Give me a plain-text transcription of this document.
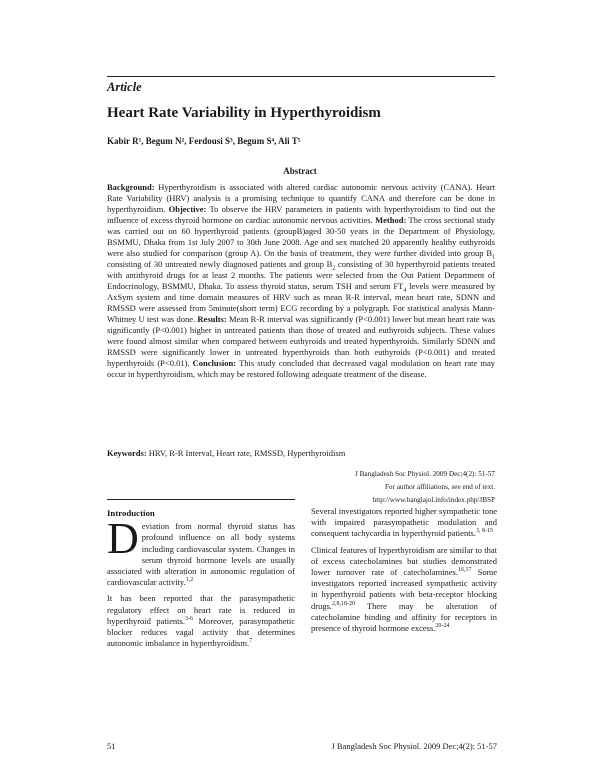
Article
Heart Rate Variability in Hyperthyroidism
Kabir R¹, Begum N², Ferdousi S³, Begum S⁴, Ali T⁵
Abstract
Background: Hyperthyroidism is associated with altered cardiac autonomic nervous activity (CANA). Heart Rate Variability (HRV) analysis is a promising technique to quantify CANA and therefore can be done in hyperthyroidism. Objective: To observe the HRV parameters in patients with hyperthyroidism to find out the influence of excess thyroid hormone on cardiac autonomic nervous activities. Method: The cross sectional study was carried out on 60 hyperthyroid patients (groupB)aged 30-50 years in the Department of Physiology, BSMMU, Dhaka from 1st July 2007 to 30th June 2008. Age and sex matched 20 apparently healthy euthyroids were also studied for comparison (group A). On the basis of treatment, they were further divided into group $B_1$ consisting of 30 untreated newly diagnosed patients and group $B_2$ consisting of 30 hyperthyroid patients treated with antithyroid drugs for at least 2 months. The patients were selected from the Out Patient Department of Endocrinology, BSMMU, Dhaka. To assess thyroid status, serum TSH and serum $FT_4$ levels were measured by AxSym system and time domain measures of HRV such as mean R-R interval, mean heart rate, SDNN and RMSSD were assessed from 5minute(short term) ECG recording by a polygraph. For statistical analysis Mann-Whitney U test was done. Results: Mean R-R interval was significantly (P<0.001) lower but mean heart rate was significantly (P<0.001) higher in untreated patients than those of treated and euthyroids subjects. These values were found almost similar when compared between euthyroids and treated hyperthyroids. Similarly SDNN and RMSSD were significantly lower in untreated hyperthyroids than both euthyroids (P<0.001) and treated hyperthyroids (P<0.01). Conclusion: This study concluded that decreased vagal modulation on heart rate may occur in hyperthyroidism, which may be restored following adequate treatment of the disease.
Keywords: HRV, R-R Interval, Heart rate, RMSSD, Hyperthyroidism
J Bangladesh Soc Physiol. 2009 Dec;4(2): 51-57
For author affiliations, see end of text.
http://www.banglajol.info/index.php/JBSP
Introduction

Deviation from normal thyroid status has profound influence on all body systems including cardiovascular system. Changes in serum thyroid hormone levels are usually associated with alteration in autonomic regulation of cardiovascular activity.$^{1,2}$

It has been reported that the parasympathetic regulatory effect on heart rate is reduced in hyperthyroid patients.$^{3-6}$ Moreover, parasympathetic blocker reduces vagal activity that determines autonomic imbalance in hyperthyroidism.$^7$

Several investigators reported higher sympathetic tone with impaired parasympathetic modulation and consequent tachycardia in hyperthyroid patients.$^{3, 8-15}$

Clinical features of hyperthyroidism are similar to that of excess catecholamines but studies demonstrated lower turnover rate of catecholamines.$^{16,17}$ Some investigators reported increased sympathetic activity in hyperthyroid patients with beta-receptor blocking drugs.$^{2,8,18-20}$ There may be alteration of catecholamine binding and affinity for receptors in presence of thyroid hormone excess.$^{20-24}$

51	J Bangladesh Soc Physiol. 2009 Dec;4(2): 51-57
